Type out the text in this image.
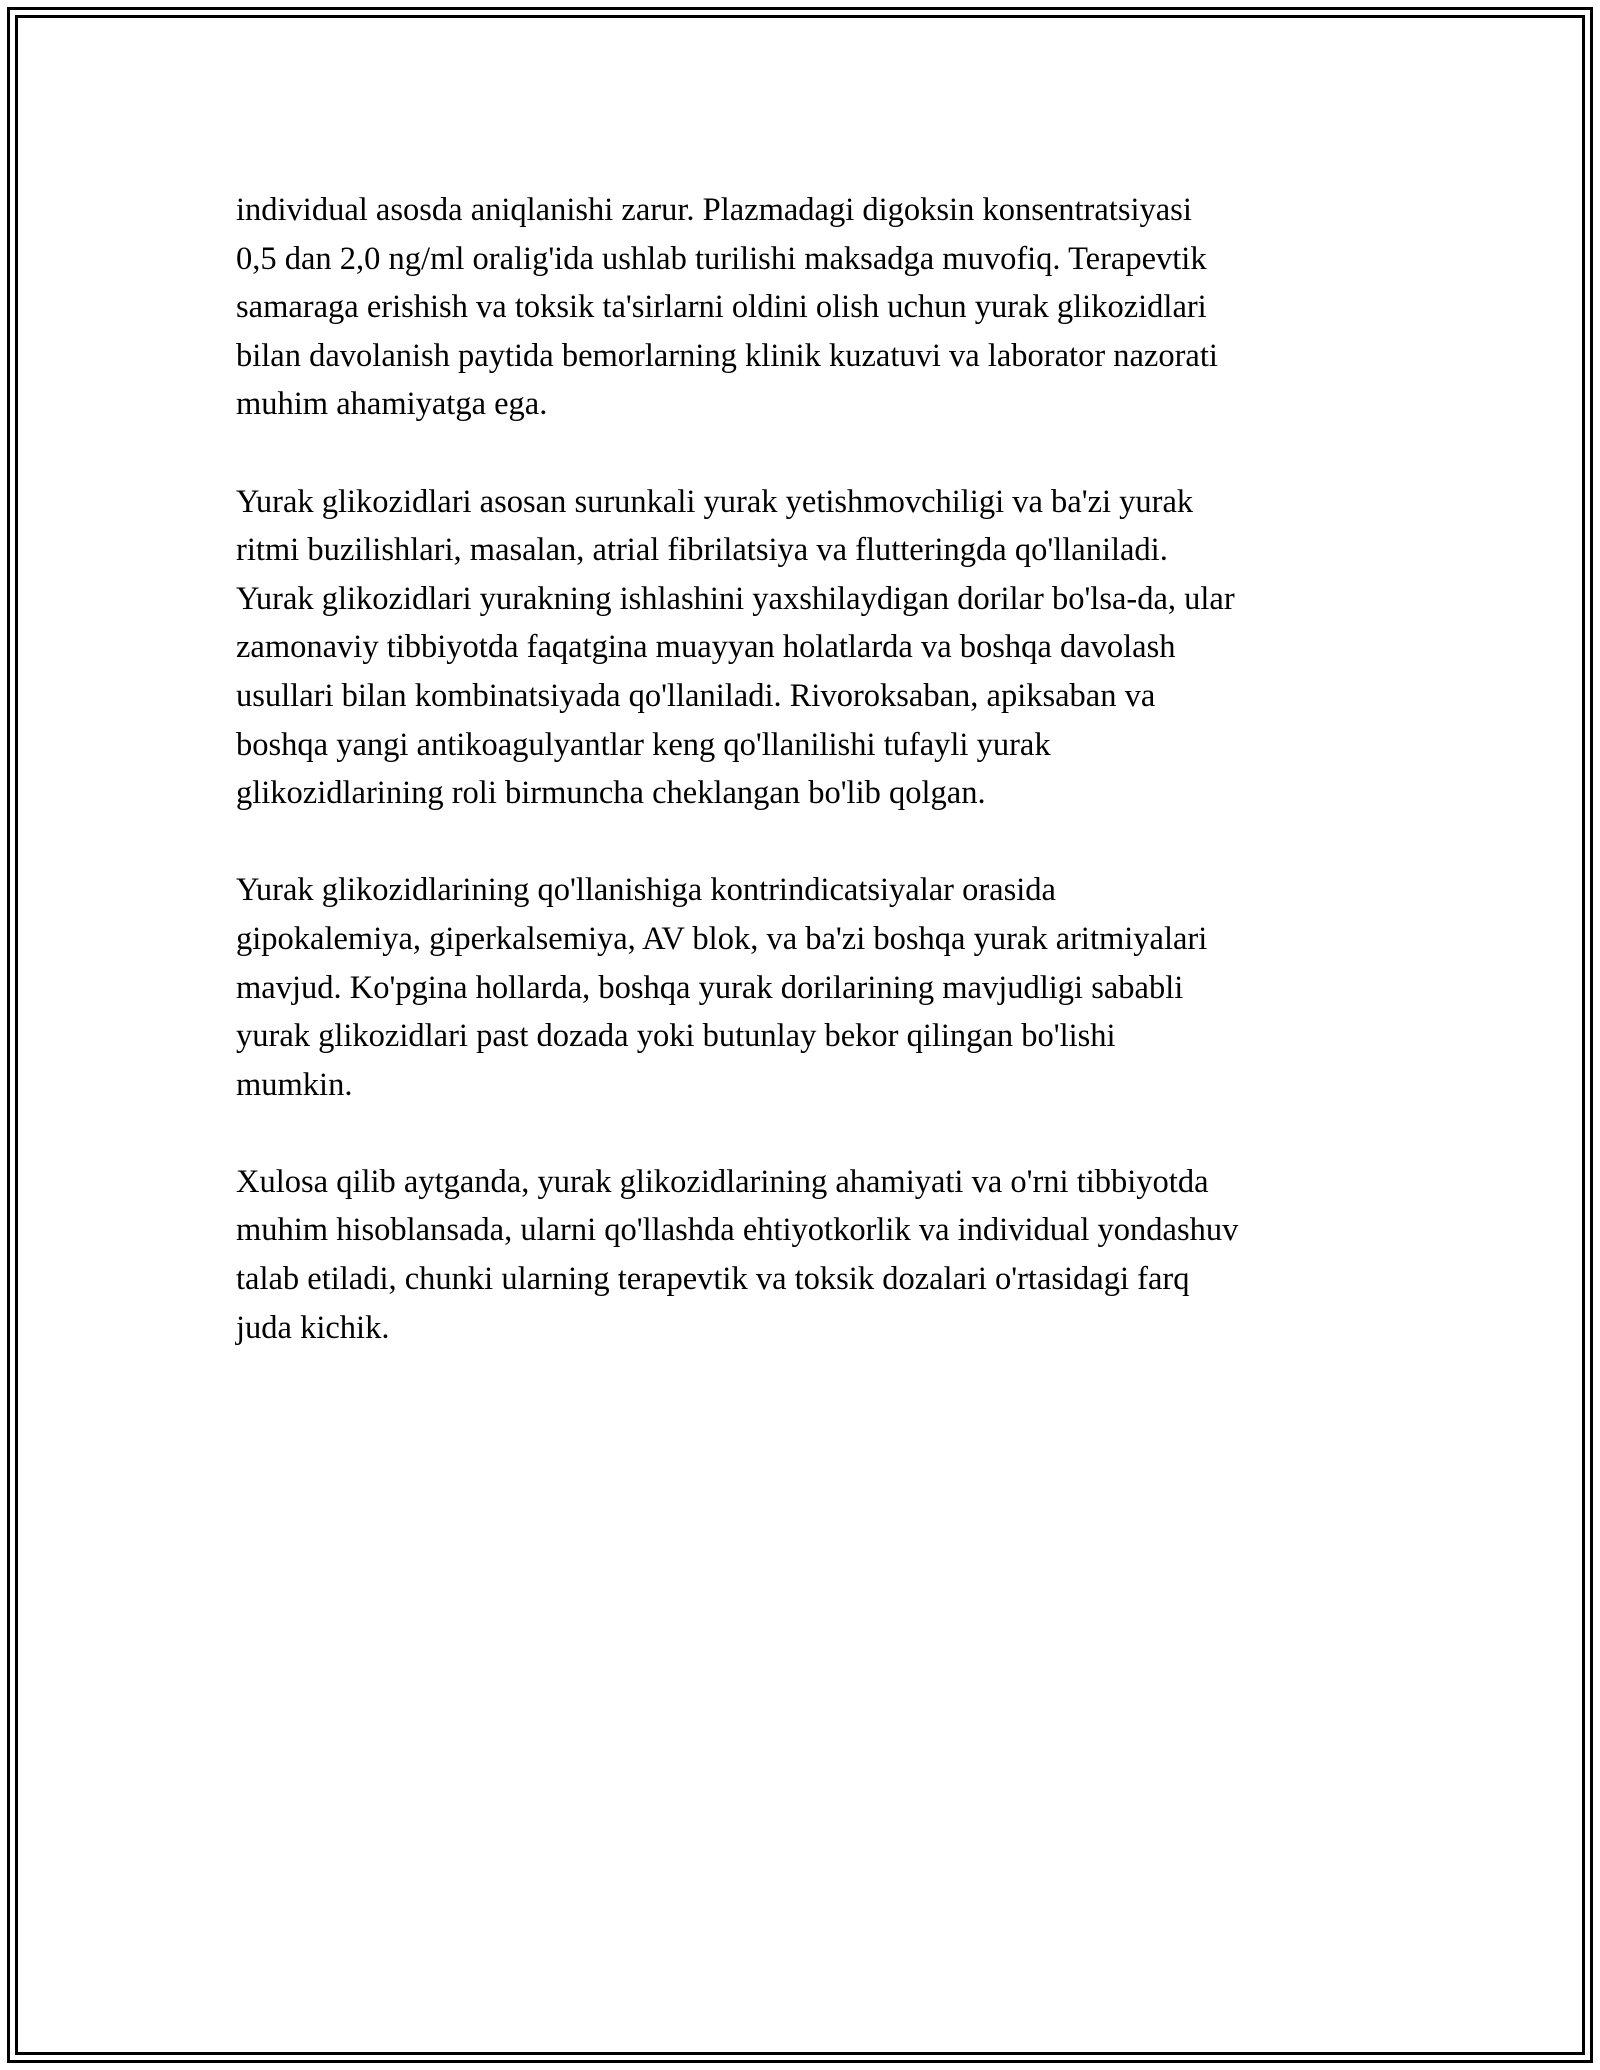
individual asosda aniqlanishi zarur. Plazmadagi digoksin konsentratsiyasi
0,5 dan 2,0 ng/ml oralig'ida ushlab turilishi maksadga muvofiq. Terapevtik
samaraga erishish va toksik ta'sirlarni oldini olish uchun yurak glikozidlari
bilan davolanish paytida bemorlarning klinik kuzatuvi va laborator nazorati
muhim ahamiyatga ega.

Yurak glikozidlari asosan surunkali yurak yetishmovchiligi va ba'zi yurak
ritmi buzilishlari, masalan, atrial fibrilatsiya va flutteringda qo'llaniladi.
Yurak glikozidlari yurakning ishlashini yaxshilaydigan dorilar bo'lsa-da, ular
zamonaviy tibbiyotda faqatgina muayyan holatlarda va boshqa davolash
usullari bilan kombinatsiyada qo'llaniladi. Rivoroksaban, apiksaban va
boshqa yangi antikoagulyantlar keng qo'llanilishi tufayli yurak
glikozidlarining roli birmuncha cheklangan bo'lib qolgan.

Yurak glikozidlarining qo'llanishiga kontrindicatsiyalar orasida
gipokalemiya, giperkalsemiya, AV blok, va ba'zi boshqa yurak aritmiyalari
mavjud. Ko'pgina hollarda, boshqa yurak dorilarining mavjudligi sababli
yurak glikozidlari past dozada yoki butunlay bekor qilingan bo'lishi
mumkin.

Xulosa qilib aytganda, yurak glikozidlarining ahamiyati va o'rni tibbiyotda
muhim hisoblansada, ularni qo'llashda ehtiyotkorlik va individual yondashuv
talab etiladi, chunki ularning terapevtik va toksik dozalari o'rtasidagi farq
juda kichik.
